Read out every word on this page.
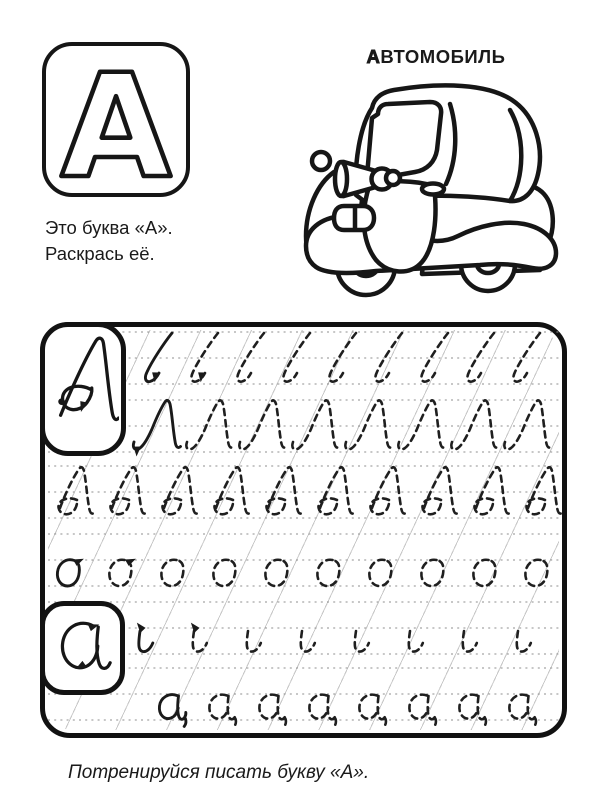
А
Это буква «А».
Раскрась её.
АВТОМОБИЛЬ
Потренируйся писать букву «А».
